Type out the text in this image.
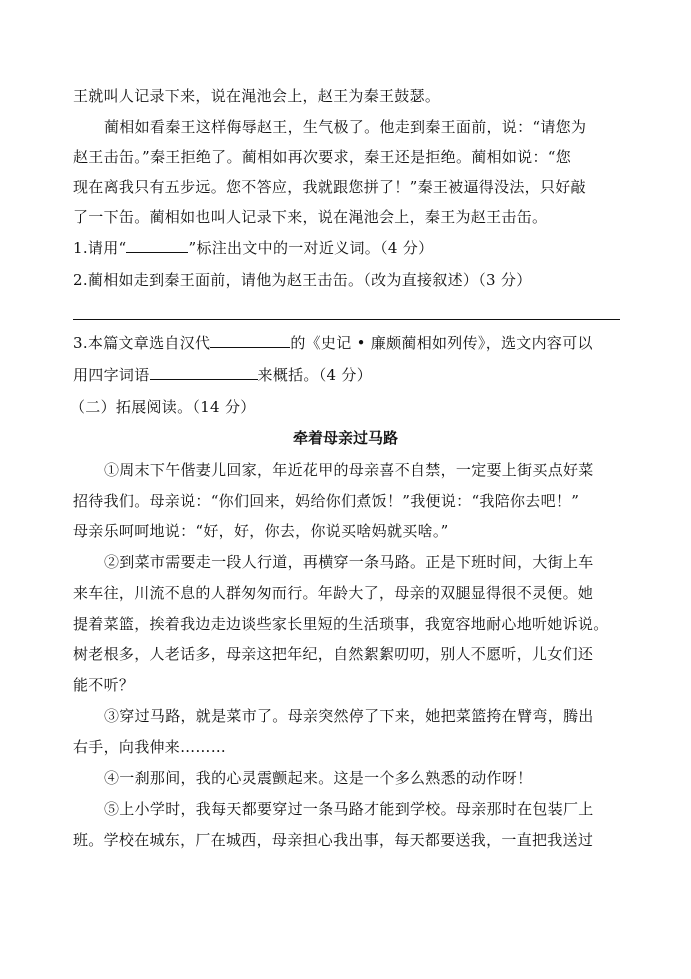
王就叫人记录下来，说在渑池会上，赵王为秦王鼓瑟。
蔺相如看秦王这样侮辱赵王，生气极了。他走到秦王面前，说：“请您为
赵王击缶。”秦王拒绝了。蔺相如再次要求，秦王还是拒绝。蔺相如说：“您
现在离我只有五步远。您不答应，我就跟您拼了！”秦王被逼得没法，只好敲
了一下缶。蔺相如也叫人记录下来，说在渑池会上，秦王为赵王击缶。
1.请用“	”标注出文中的一对近义词。（4 分）
2.蔺相如走到秦王面前，请他为赵王击缶。（改为直接叙述）（3 分）
3.本篇文章选自汉代	的《史记 • 廉颇蔺相如列传》，选文内容可以
用四字词语	来概括。（4 分）
（二）拓展阅读。（14 分）
牵着母亲过马路
①周末下午偕妻儿回家，年近花甲的母亲喜不自禁，一定要上街买点好菜
招待我们。母亲说：“你们回来，妈给你们煮饭！”我便说：“我陪你去吧！”
母亲乐呵呵地说：“好，好，你去，你说买啥妈就买啥。”
②到菜市需要走一段人行道，再横穿一条马路。正是下班时间，大街上车
来车往，川流不息的人群匆匆而行。年龄大了，母亲的双腿显得很不灵便。她
提着菜篮，挨着我边走边谈些家长里短的生活琐事，我宽容地耐心地听她诉说。
树老根多，人老话多，母亲这把年纪，自然絮絮叨叨，别人不愿听，儿女们还
能不听？
③穿过马路，就是菜市了。母亲突然停了下来，她把菜篮挎在臂弯，腾出
右手，向我伸来………
④一刹那间，我的心灵震颤起来。这是一个多么熟悉的动作呀！
⑤上小学时，我每天都要穿过一条马路才能到学校。母亲那时在包装厂上
班。学校在城东，厂在城西，母亲担心我出事，每天都要送我，一直把我送过
